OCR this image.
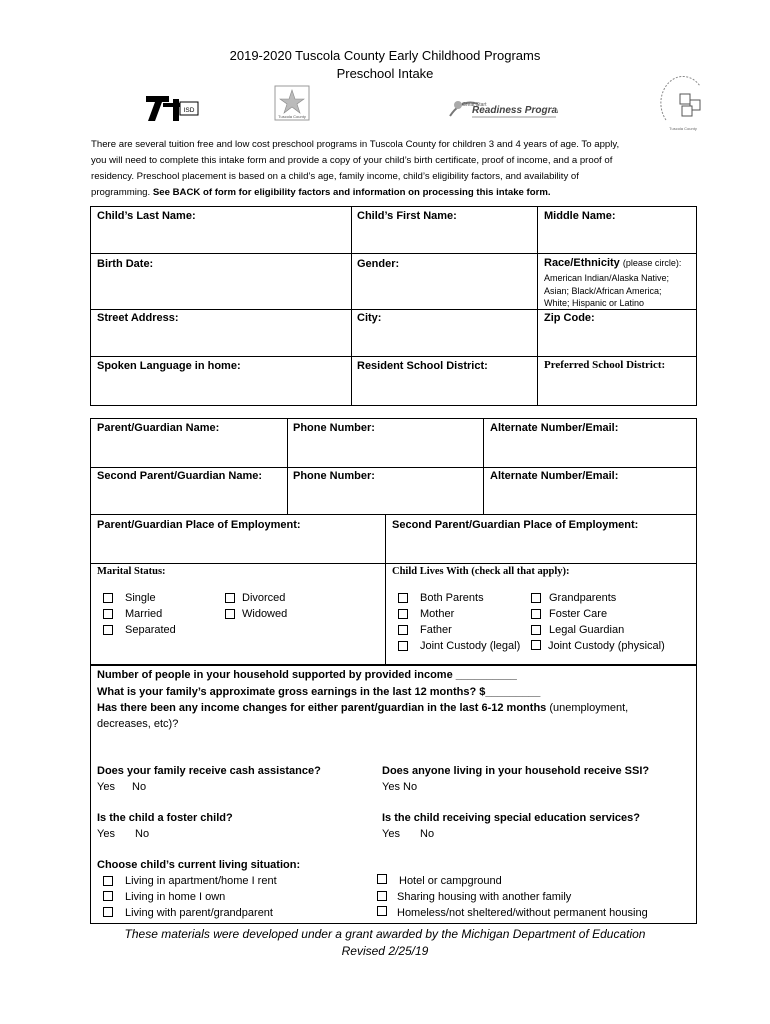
2019-2020 Tuscola County Early Childhood Programs
Preschool Intake
ISD
Tuscola County
Great Start
Readiness Program
Tuscola County
There are several tuition free and low cost preschool programs in Tuscola County for children 3 and 4 years of age. To apply,
you will need to complete this intake form and provide a copy of your child’s birth certificate, proof of income, and a proof of
residency. Preschool placement is based on a child’s age, family income, child’s eligibility factors, and availability of
programming. See BACK of form for eligibility factors and information on processing this intake form.
Child’s Last Name:	Child’s First Name:	Middle Name:
Birth Date:	Gender:	Race/Ethnicity (please circle):
American Indian/Alaska Native;
Asian; Black/African America;
White; Hispanic or Latino
Street Address:	City:	Zip Code:
Spoken Language in home:	Resident School District:	Preferred School District:
Parent/Guardian Name:	Phone Number:	Alternate Number/Email:
Second Parent/Guardian Name:	Phone Number:	Alternate Number/Email:
Parent/Guardian Place of Employment:	Second Parent/Guardian Place of Employment:
Marital Status:
Single
Married
Separated
Divorced
Widowed
Child Lives With (check all that apply):
Both Parents
Mother
Father
Joint Custody (legal)
Grandparents
Foster Care
Legal Guardian
Joint Custody (physical)
Number of people in your household supported by provided income __________
What is your family’s approximate gross earnings in the last 12 months? $_________
Has there been any income changes for either parent/guardian in the last 6-12 months (unemployment,
decreases, etc)?
Does your family receive cash assistance?
Yes No
Does anyone living in your household receive SSI?
Yes No
Is the child a foster child?
Yes No
Is the child receiving special education services?
Yes No
Choose child’s current living situation:
Living in apartment/home I rent
Living in home I own
Living with parent/grandparent
Hotel or campground
Sharing housing with another family
Homeless/not sheltered/without permanent housing
These materials were developed under a grant awarded by the Michigan Department of Education
Revised 2/25/19
